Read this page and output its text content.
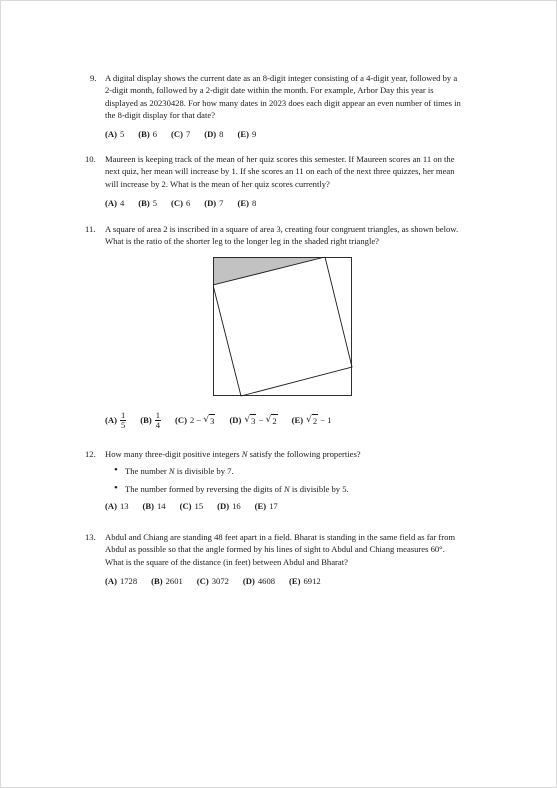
9. A digital display shows the current date as an 8-digit integer consisting of a 4-digit year, followed by a 2-digit month, followed by a 2-digit date within the month. For example, Arbor Day this year is displayed as 20230428. For how many dates in 2023 does each digit appear an even number of times in the 8-digit display for that date?
(A) 5 (B) 6 (C) 7 (D) 8 (E) 9
10. Maureen is keeping track of the mean of her quiz scores this semester. If Maureen scores an 11 on the next quiz, her mean will increase by 1. If she scores an 11 on each of the next three quizzes, her mean will increase by 2. What is the mean of her quiz scores currently?
(A) 4 (B) 5 (C) 6 (D) 7 (E) 8
11. A square of area 2 is inscribed in a square of area 3, creating four congruent triangles, as shown below. What is the ratio of the shorter leg to the longer leg in the shaded right triangle?
$(A) \frac{1}{5} (B) \frac{1}{4} (C) 2$ − √ 3 (D) √ 3 − √ 2 (E) √ 2 − 1
12. How many three-digit positive integers N satisfy the following properties?
• The number N is divisible by 7.
• The number formed by reversing the digits of N is divisible by 5.
(A) 13 (B) 14 (C) 15 (D) 16 (E) 17
13. Abdul and Chiang are standing 48 feet apart in a field. Bharat is standing in the same field as far from Abdul as possible so that the angle formed by his lines of sight to Abdul and Chiang measures 60°. What is the square of the distance (in feet) between Abdul and Bharat?
(A) 1728 (B) 2601 (C) 3072 (D) 4608 (E) 6912
